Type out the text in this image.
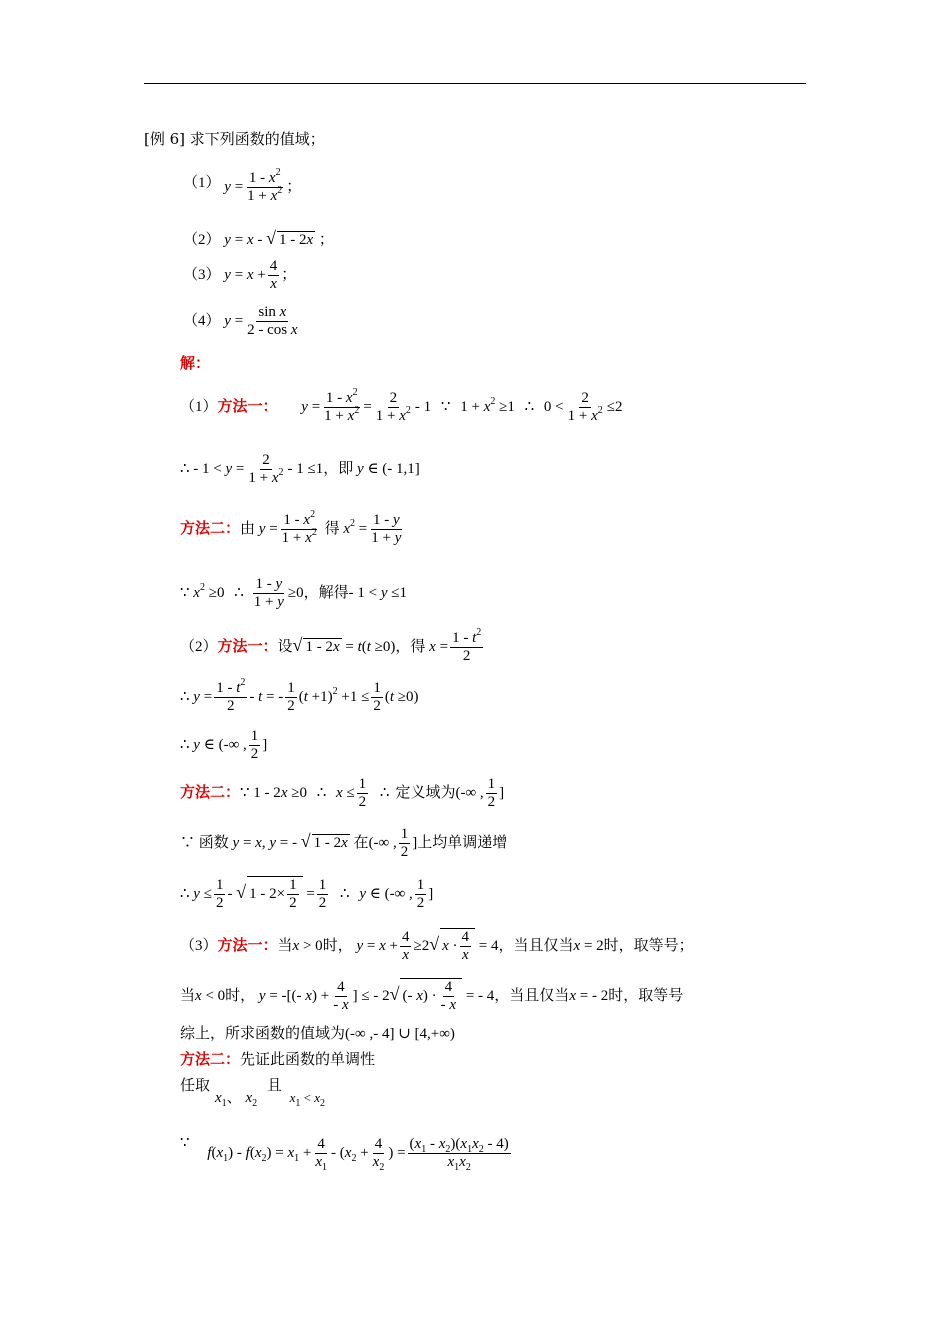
[例 6] 求下列函数的值域；
（1） $y = \frac{1 - x^2}{1 + x^2}$ ；
（2） y = x - √ 1 - 2x ；
（3） $y = x + \frac{4}{x}$ ；
（4） $y = \frac{\text{sin x}}{\text{2 - cos x}}$
解：
（1）方法一： $y = \frac{1 - x^2}{1 + x^2} = \frac{2}{1 + x^2} - 1$ ∵ $1 + x^2 \ge 1$ ∴ $0 < \frac{2}{1 + x^2} \le 2$
∴ - $1 < y = \frac{2}{1 + x^2} - 1 \le 1$，即 y ∈ (- 1,1]
方法二：由 $y = \frac{1 - x^2}{1 + x^2}$ 得 $x^2 = \frac{1 - y}{1 + y}$
∵ $x^2 \ge 0$ ∴ $\frac{1 - y}{1 + y} \ge 0$，解得- 1 < y ≤1
（2）方法一：设√ 1 - 2x = t(t ≥0)，得 $x = \frac{1 - t^2}{2}$
∴ $y = \frac{1 - t^2}{2} - t$ = - $\frac{1}{2} (t +1)^2 +1 \le \frac{1}{2} (t \ge 0)$
∴ y ∈ (-∞ , $\frac{1}{2}$ ]
方法二：∵ 1 - 2x ≥0 ∴ $x \le \frac{1}{2}$ ∴ 定义域为(-∞ , $\frac{1}{2}$ ]
∵ 函数 y = x, y = - √ 1 - 2x 在(-∞ , $\frac{1}{2}$ ]上均单调递增
∴ $y \le \frac{1}{2}$ - √ $1 - 2\times \frac{1}{2} = \frac{1}{2}$ ∴ y ∈ (-∞ , $\frac{1}{2}$ ]
（3）方法一：当x > 0时， $y = x + \frac{4}{x} \ge 2√$ $x \cdot \frac{4}{x} = 4$，当且仅当x = 2时，取等号；
当x < 0时， y = -[(- $x) + \frac{4}{- x}$ ] ≤ - 2√ (- $x) \cdot \frac{4}{- x}$ = - 4，当且仅当x = - 2时，取等号
综上，所求函数的值域为(-∞ ,- 4] ∪ [4,+∞)
方法二：先证此函数的单调性
任取
$x_1$、 $x_2$ 且 $x_1 < x_2$
∵ $f(x_1) - f(x_2) = x_1 + \frac{4}{x_1} - (x_2 + \frac{4}{x_2}$ ) = $\frac{(x_1 - x_2)(x_1x_2 - 4)}{x_1x_2}$
